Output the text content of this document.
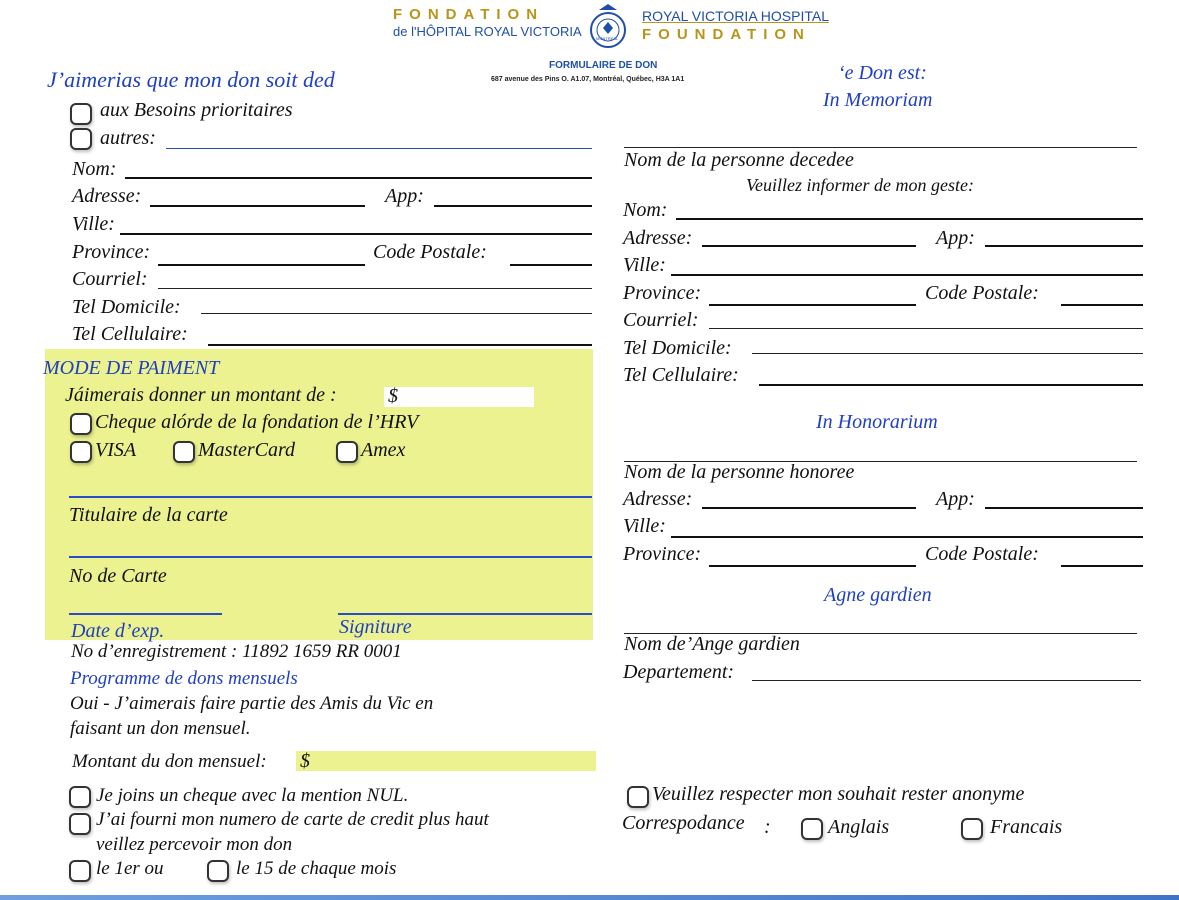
FONDATION
de l'HÔPITAL ROYAL VICTORIA	MONTREAL
ROYAL VICTORIA HOSPITAL
FOUNDATION
FORMULAIRE DE DON
687 avenue des Pins O. A1.07, Montréal, Québec, H3A 1A1
J’aimerias que mon don soit ded
aux Besoins prioritaires
autres:
Nom:
Adresse:	App:
Ville:
Province:	Code Postale:
Courriel:
Tel Domicile:
Tel Cellulaire:
MODE DE PAIMENT
Jáimerais donner un montant de :	$
Cheque alórde de la fondation de l’HRV
VISA	MasterCard	Amex
Titulaire de la carte
No de Carte
Date d’exp.	Signiture
No d’enregistrement : 11892 1659 RR 0001
Programme de dons mensuels
Oui - J’aimerais faire partie des Amis du Vic en
faisant un don mensuel.
Montant du don mensuel: $
Je joins un cheque avec la mention NUL.
J’ai fourni mon numero de carte de credit plus haut
veillez percevoir mon don
le 1er ou	le 15 de chaque mois
‘e Don est:
In Memoriam
Nom de la personne decedee
Veuillez informer de mon geste:
Nom:
Adresse:	App:
Ville:
Province:	Code Postale:
Courriel:
Tel Domicile:
Tel Cellulaire:
In Honorarium
Nom de la personne honoree
Adresse:	App:
Ville:
Province:	Code Postale:
Agne gardien
Nom de’Ange gardien
Departement:
Veuillez respecter mon souhait rester anonyme
Correspodance :	Anglais	Francais
